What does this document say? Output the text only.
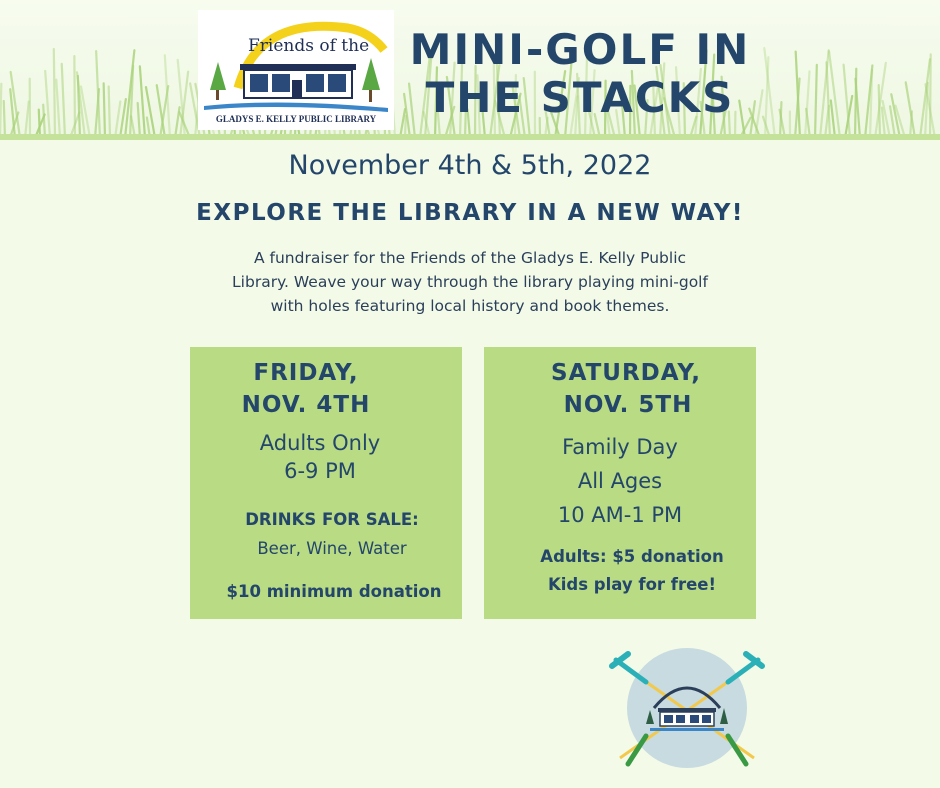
Friends of the
GLADYS E. KELLY PUBLIC LIBRARY
MINI-GOLF IN
THE STACKS
November 4th & 5th, 2022
EXPLORE THE LIBRARY IN A NEW WAY!
A fundraiser for the Friends of the Gladys E. Kelly Public
Library. Weave your way through the library playing mini-golf
with holes featuring local history and book themes.
FRIDAY,
NOV. 4TH
Adults Only
6-9 PM
DRINKS FOR SALE:
Beer, Wine, Water
$10 minimum donation
SATURDAY,
NOV. 5TH
Family Day
All Ages
10 AM-1 PM
Adults: $5 donation
Kids play for free!
